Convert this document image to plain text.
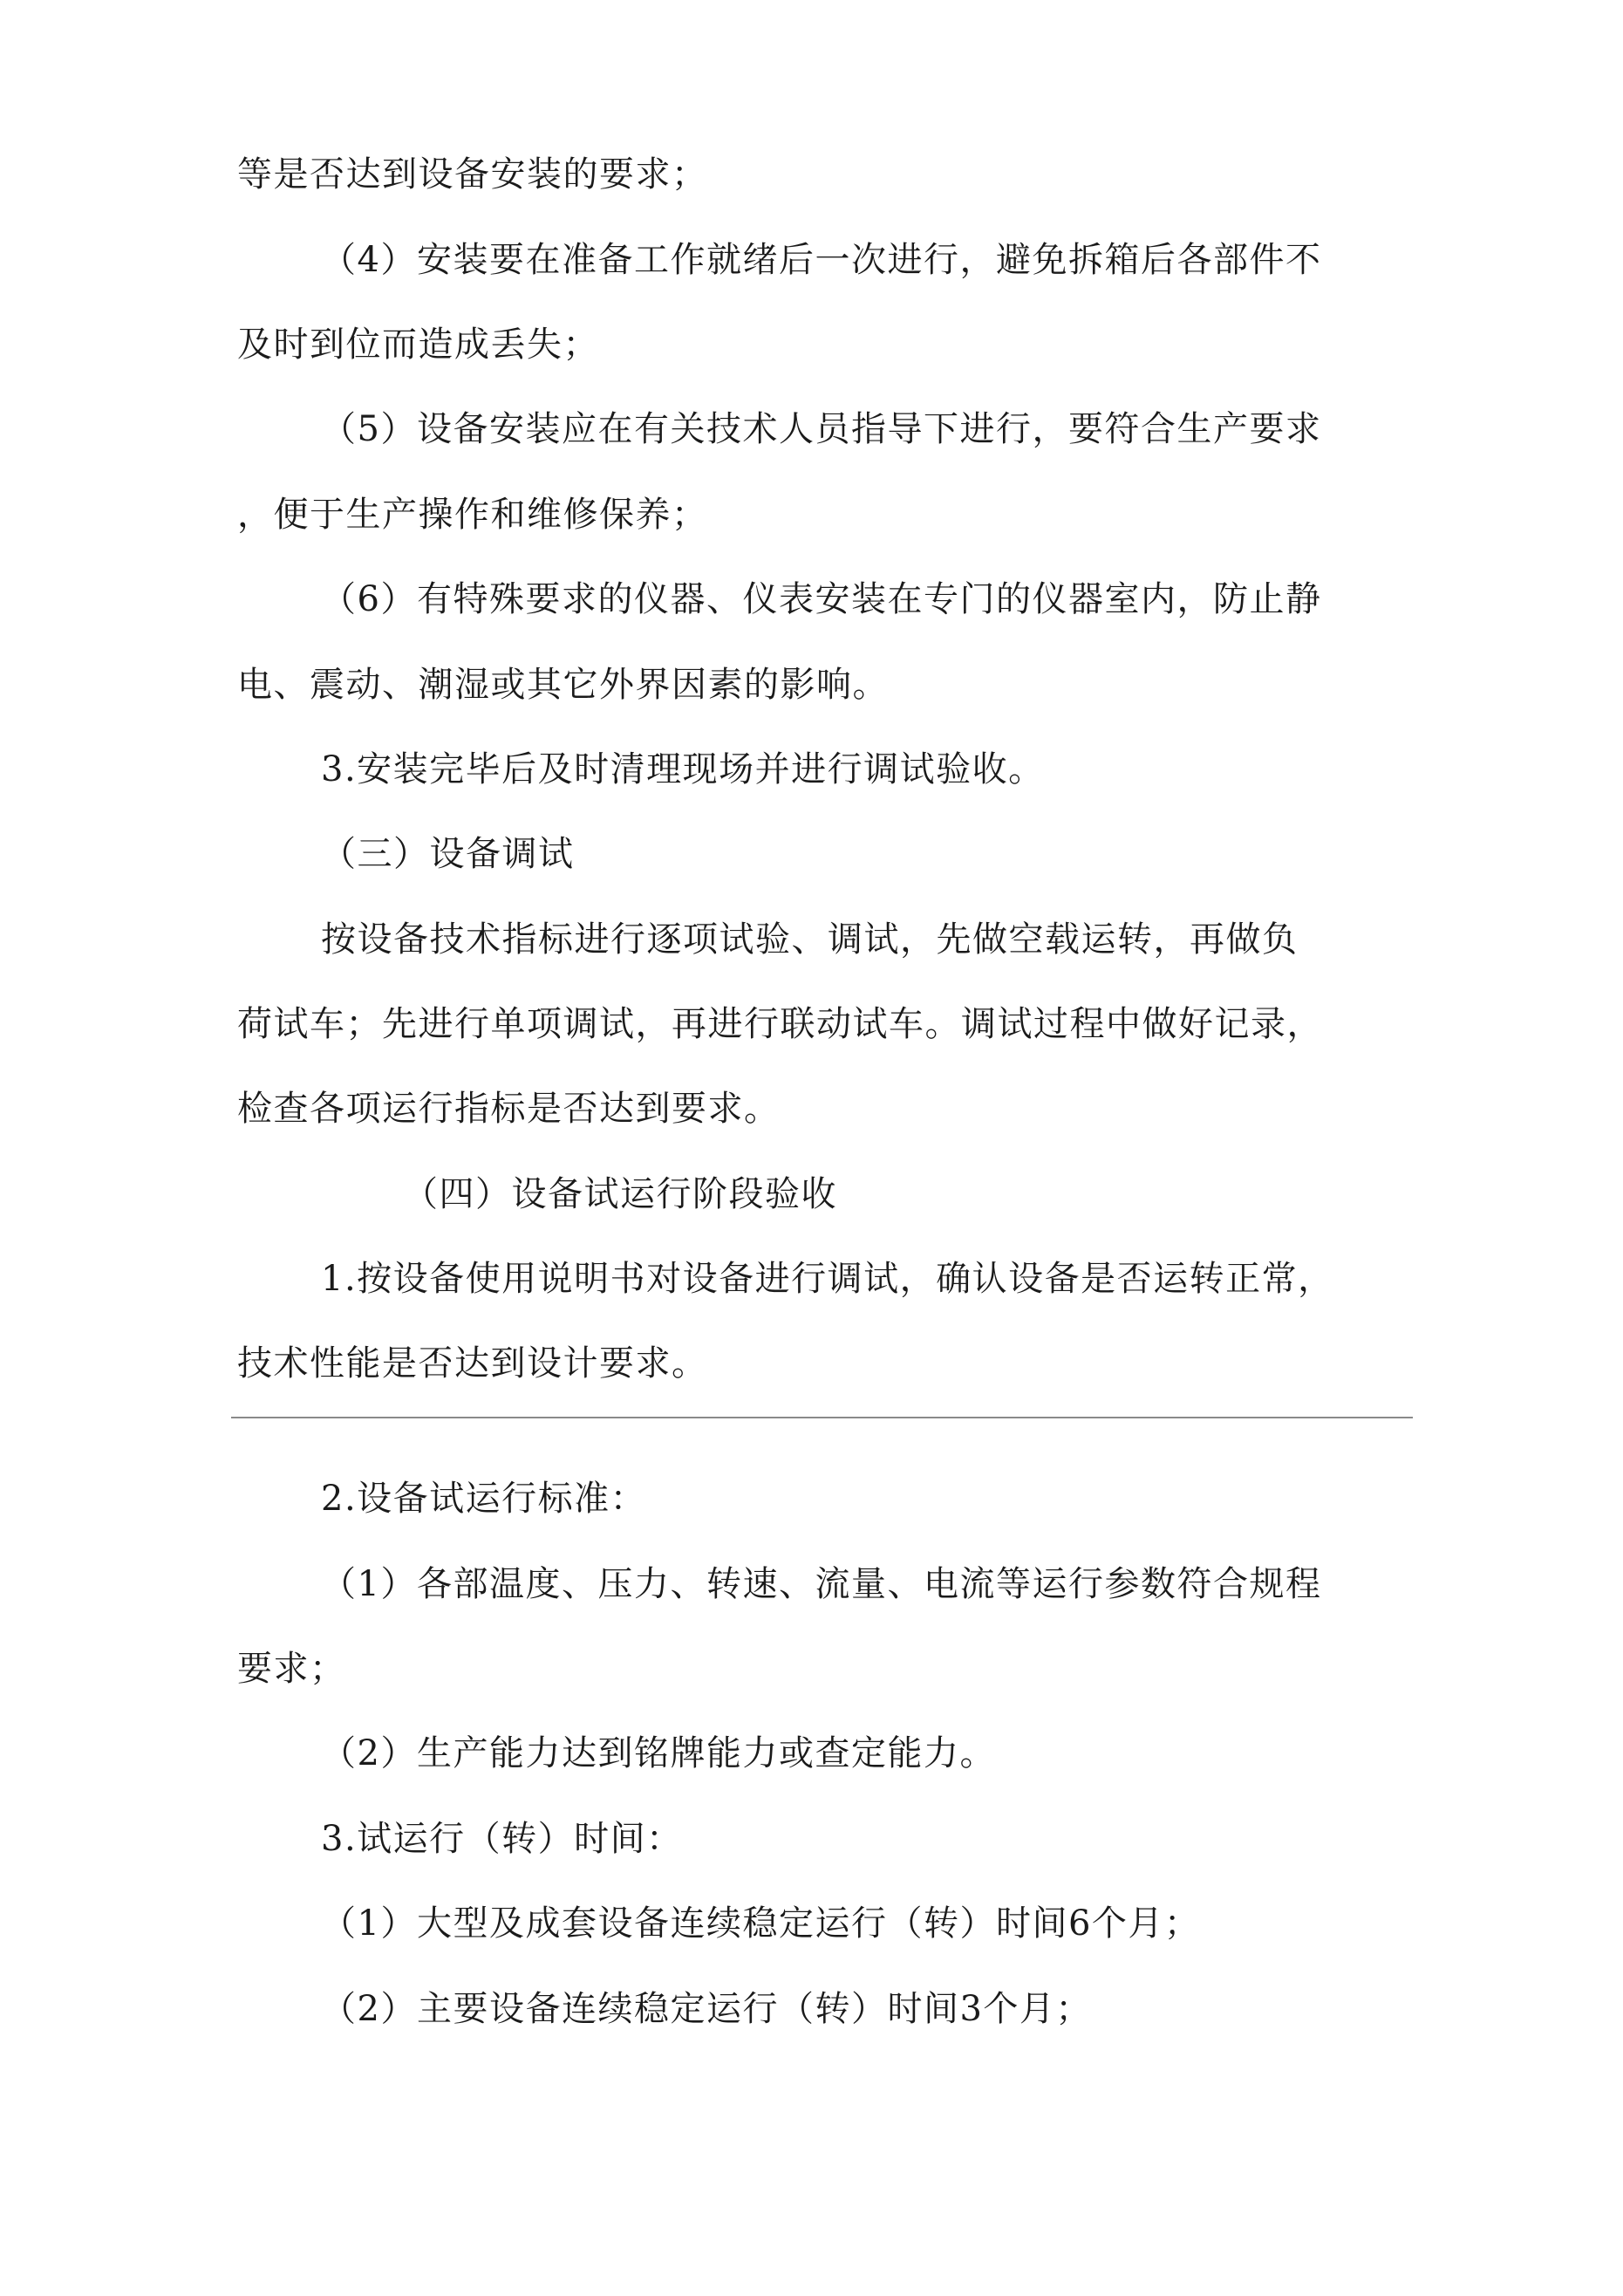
等是否达到设备安装的要求；
（4）安装要在准备工作就绪后一次进行，避免拆箱后各部件不
及时到位而造成丢失；
（5）设备安装应在有关技术人员指导下进行，要符合生产要求
，便于生产操作和维修保养；
（6）有特殊要求的仪器、仪表安装在专门的仪器室内，防止静
电、震动、潮湿或其它外界因素的影响。
3.安装完毕后及时清理现场并进行调试验收。
（三）设备调试
按设备技术指标进行逐项试验、调试，先做空载运转，再做负
荷试车；先进行单项调试，再进行联动试车。调试过程中做好记录，
检查各项运行指标是否达到要求。
（四）设备试运行阶段验收
1.按设备使用说明书对设备进行调试，确认设备是否运转正常，
技术性能是否达到设计要求。
2.设备试运行标准：
（1）各部温度、压力、转速、流量、电流等运行参数符合规程
要求；
（2）生产能力达到铭牌能力或查定能力。
3.试运行（转）时间：
（1）大型及成套设备连续稳定运行（转）时间6个月；
（2）主要设备连续稳定运行（转）时间3个月；
